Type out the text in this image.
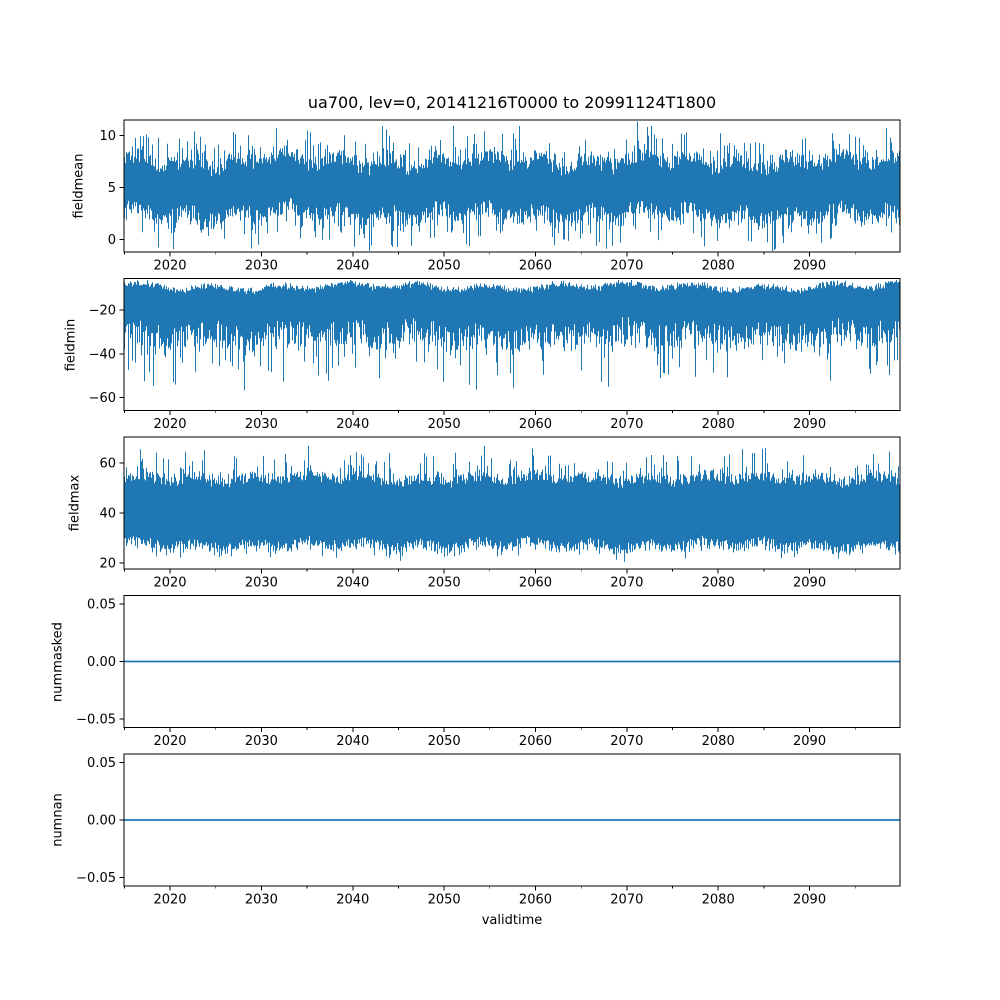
2020	2030	2040	2050	2060	2070	2080	2090
0
5
10
2020	2030	2040	2050	2060	2070	2080	2090
−60
−40
−20
2020	2030	2040	2050	2060	2070	2080	2090
20
40
60
2020	2030	2040	2050	2060	2070	2080	2090
−0.05
0.00
0.05
2020	2030	2040	2050	2060	2070	2080	2090
−0.05
0.00
0.05
ua700, lev=0, 20141216T0000 to 20991124T1800
fieldmean
fieldmin
fieldmax
nummasked
numnan
validtime
